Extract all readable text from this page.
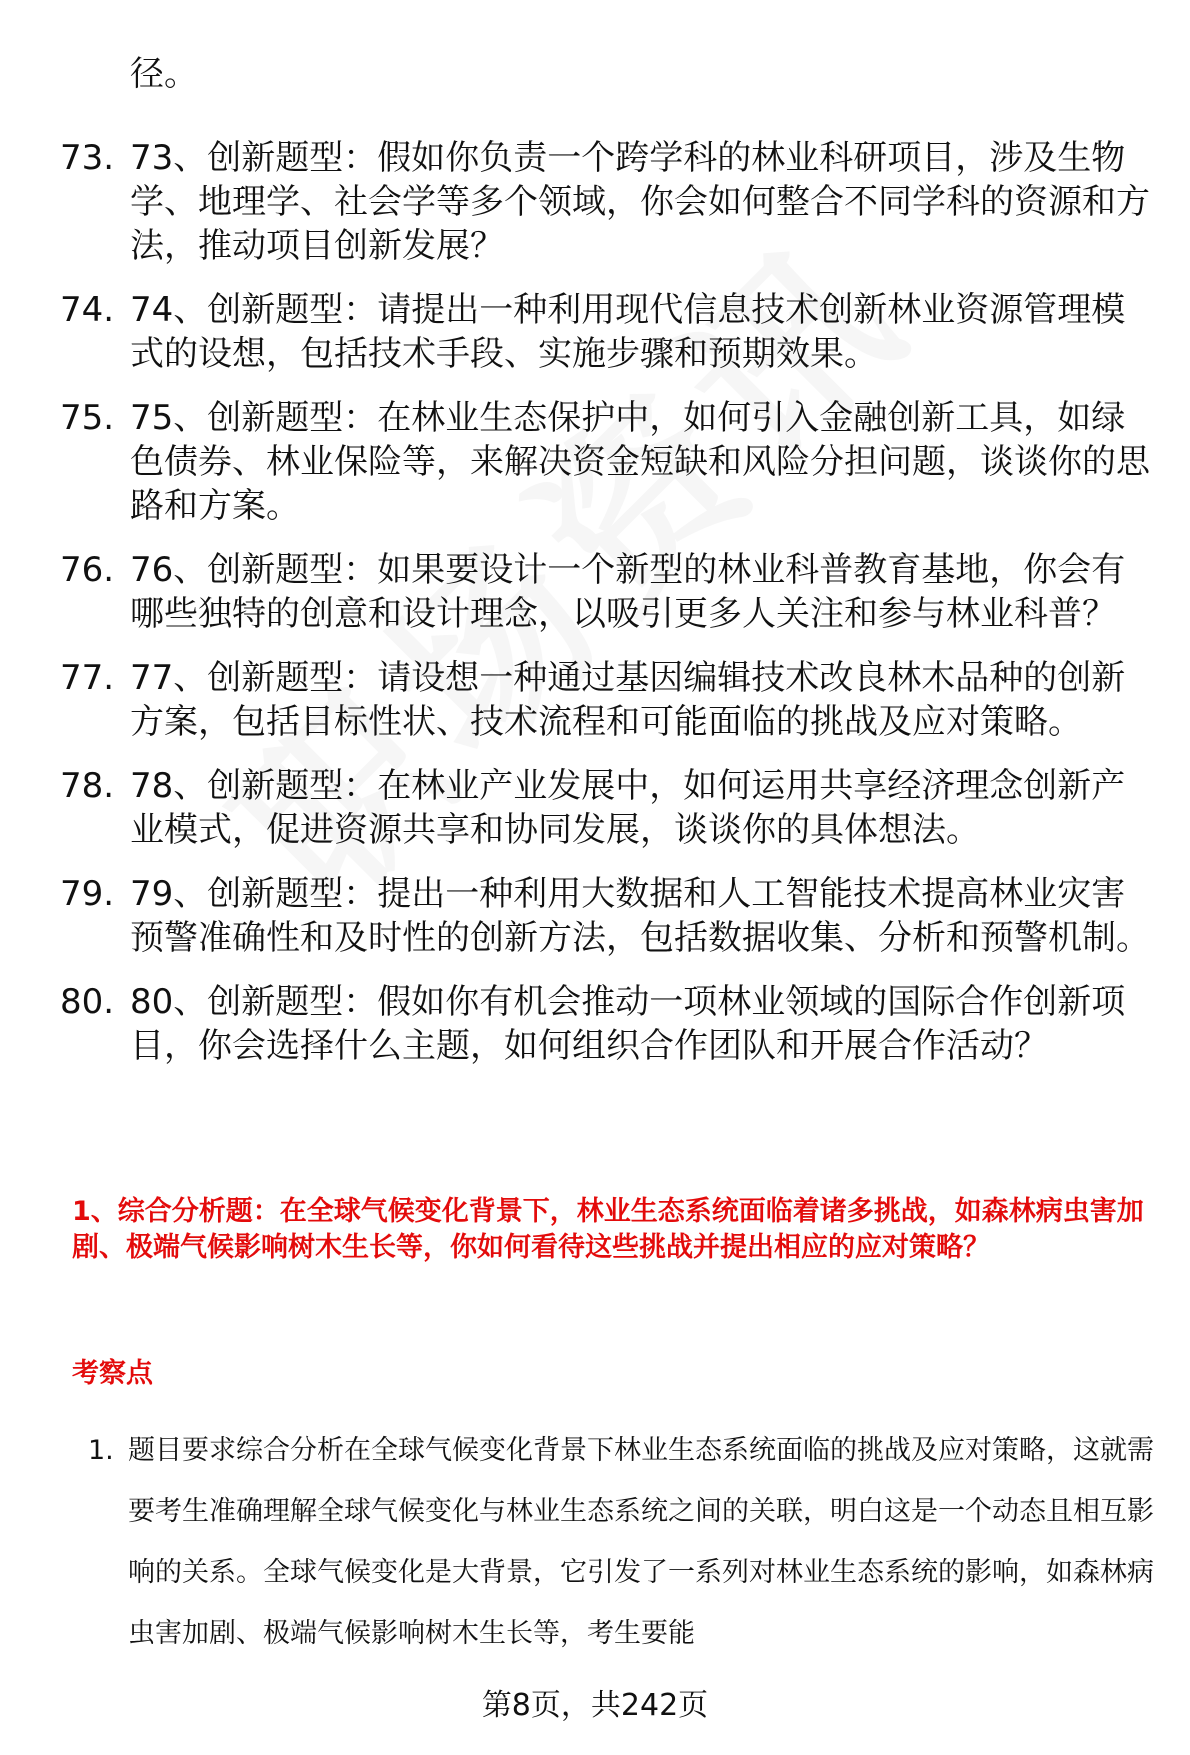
径。
73. 73、创新题型：假如你负责一个跨学科的林业科研项目，涉及生物学、地理学、社会学等多个领域，你会如何整合不同学科的资源和方法，推动项目创新发展？
74. 74、创新题型：请提出一种利用现代信息技术创新林业资源管理模式的设想，包括技术手段、实施步骤和预期效果。
75. 75、创新题型：在林业生态保护中，如何引入金融创新工具，如绿色债券、林业保险等，来解决资金短缺和风险分担问题，谈谈你的思路和方案。
76. 76、创新题型：如果要设计一个新型的林业科普教育基地，你会有哪些独特的创意和设计理念，以吸引更多人关注和参与林业科普？
77. 77、创新题型：请设想一种通过基因编辑技术改良林木品种的创新方案，包括目标性状、技术流程和可能面临的挑战及应对策略。
78. 78、创新题型：在林业产业发展中，如何运用共享经济理念创新产业模式，促进资源共享和协同发展，谈谈你的具体想法。
79. 79、创新题型：提出一种利用大数据和人工智能技术提高林业灾害预警准确性和及时性的创新方法，包括数据收集、分析和预警机制。
80. 80、创新题型：假如你有机会推动一项林业领域的国际合作创新项目，你会选择什么主题，如何组织合作团队和开展合作活动？
1、综合分析题：在全球气候变化背景下，林业生态系统面临着诸多挑战，如森林病虫害加剧、极端气候影响树木生长等，你如何看待这些挑战并提出相应的应对策略？
考察点
1. 题目要求综合分析在全球气候变化背景下林业生态系统面临的挑战及应对策略，这就需要考生准确理解全球气候变化与林业生态系统之间的关联，明白这是一个动态且相互影响的关系。全球气候变化是大背景，它引发了一系列对林业生态系统的影响，如森林病虫害加剧、极端气候影响树木生长等，考生要能
第8页，共242页
